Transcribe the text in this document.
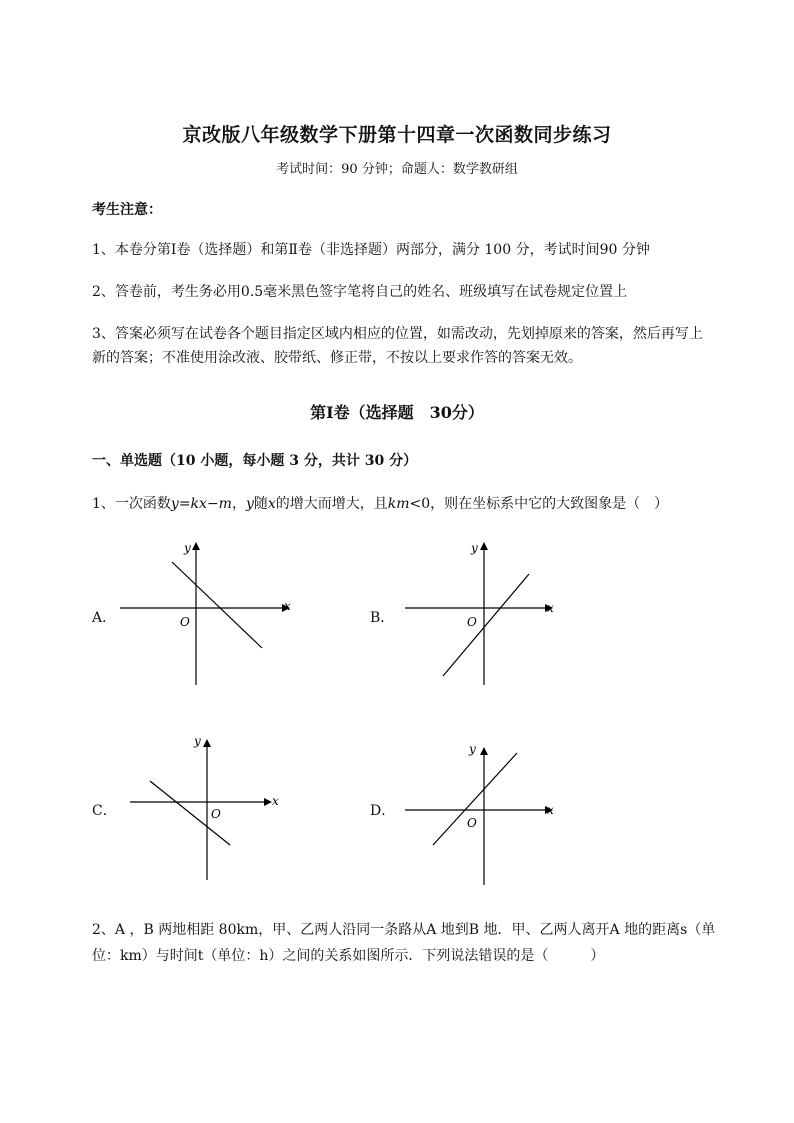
京改版八年级数学下册第十四章一次函数同步练习
考试时间：90 分钟；命题人：数学教研组
考生注意：
1、本卷分第Ⅰ卷（选择题）和第Ⅱ卷（非选择题）两部分，满分 100 分，考试时间90 分钟
2、答卷前，考生务必用0.5毫米黑色签字笔将自己的姓名、班级填写在试卷规定位置上
3、答案必须写在试卷各个题目指定区域内相应的位置，如需改动，先划掉原来的答案，然后再写上新的答案；不准使用涂改液、胶带纸、修正带，不按以上要求作答的答案无效。
第Ⅰ卷（选择题　30分）
一、单选题（10 小题，每小题 3 分，共计 30 分）
1、一次函数y=kx−m，y随x的增大而增大，且km<0，则在坐标系中它的大致图象是（　）
A．
x
y
O	B．
x
y
O
C．
x
y
O	D．	x
y
O
2、A ，B 两地相距 80km，甲、乙两人沿同一条路从A 地到B 地．甲、乙两人离开A 地的距离s（单
位：km）与时间t（单位：h）之间的关系如图所示．下列说法错误的是（　　　）
